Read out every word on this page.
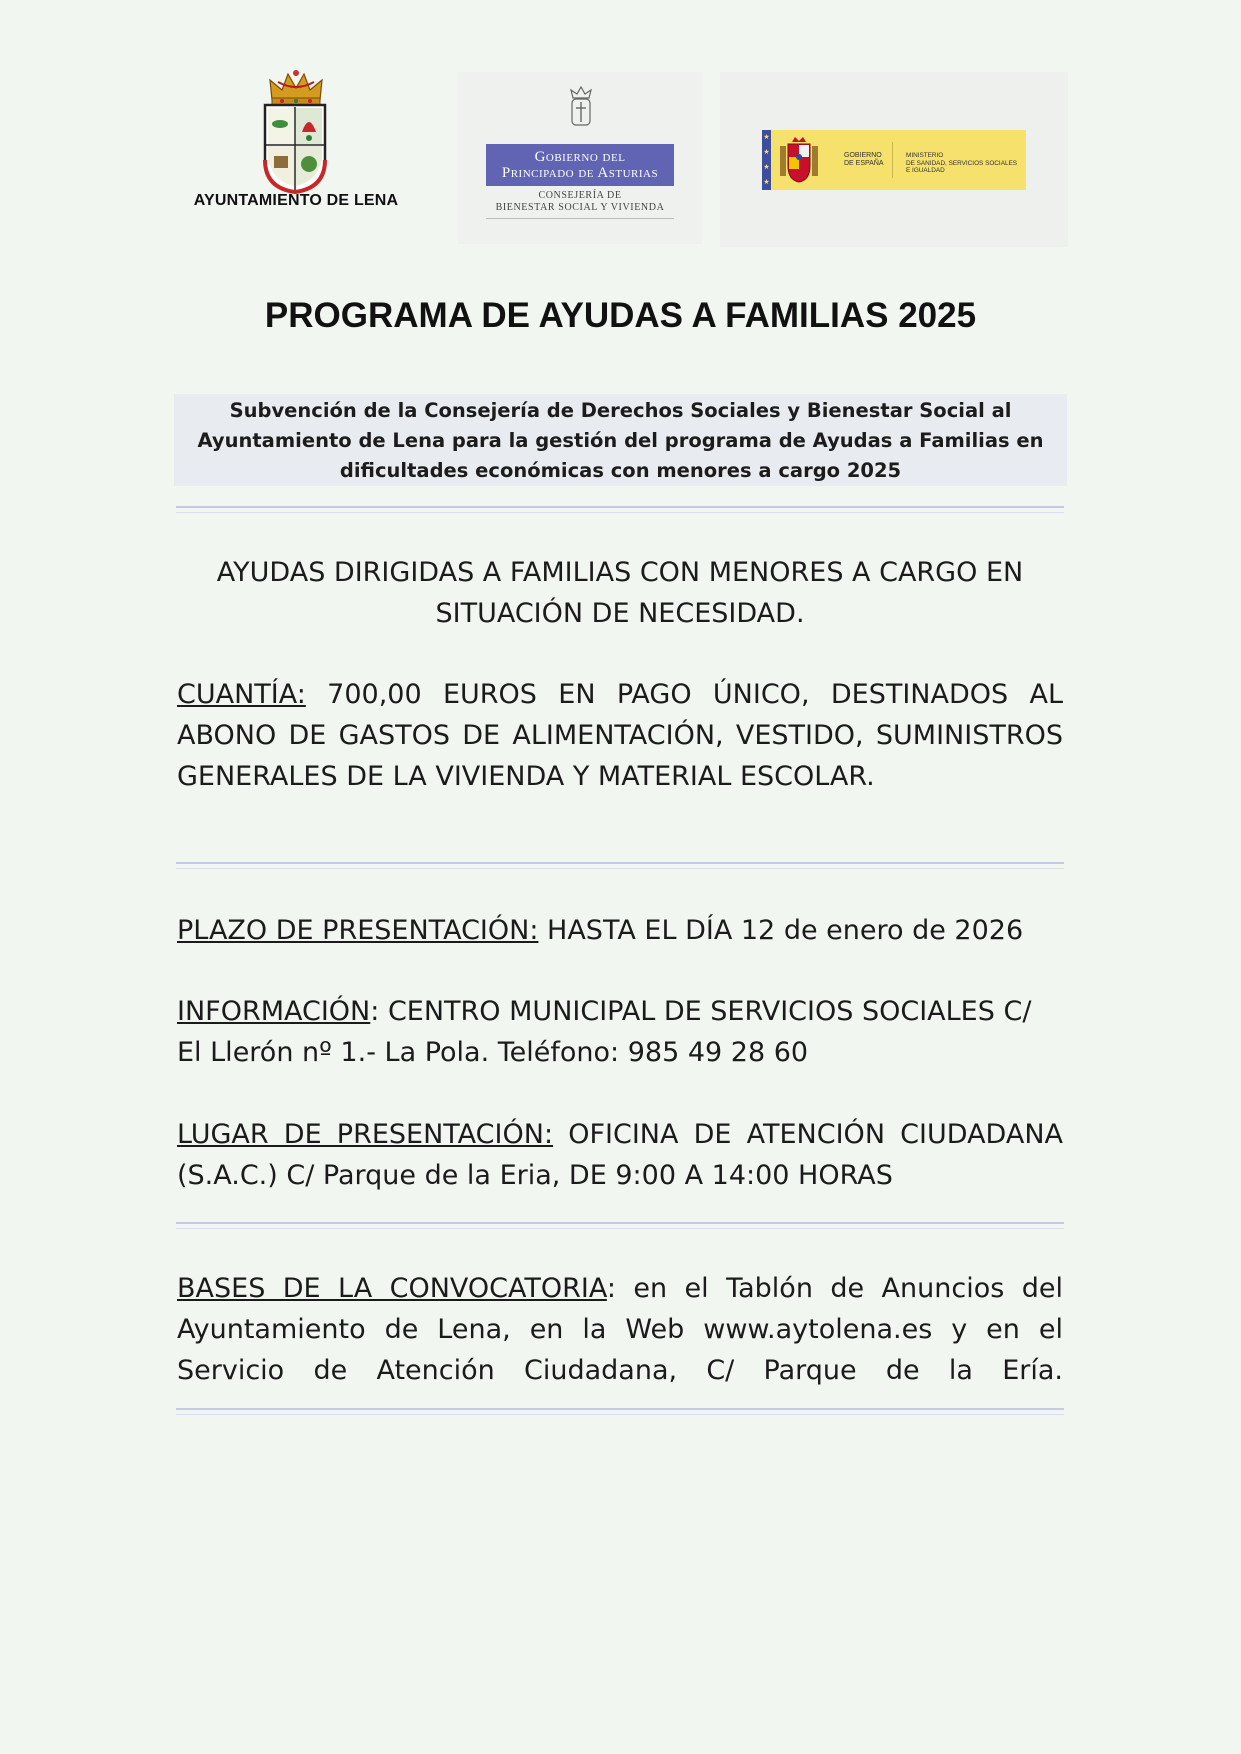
AYUNTAMIENTO DE LENA
Gobierno del
Principado de Asturias
CONSEJERÍA DE
BIENESTAR SOCIAL Y VIVIENDA
★
★
★
★
GOBIERNO
DE ESPAÑA
MINISTERIO
DE SANIDAD, SERVICIOS SOCIALES
E IGUALDAD
PROGRAMA DE AYUDAS A FAMILIAS 2025
Subvención de la Consejería de Derechos Sociales y Bienestar Social al
Ayuntamiento de Lena para la gestión del programa de Ayudas a Familias en
dificultades económicas con menores a cargo 2025
AYUDAS DIRIGIDAS A FAMILIAS CON MENORES A CARGO EN
SITUACIÓN DE NECESIDAD.
CUANTÍA: 700,00 EUROS EN PAGO ÚNICO, DESTINADOS AL ABONO DE GASTOS DE ALIMENTACIÓN, VESTIDO, SUMINISTROS GENERALES DE LA VIVIENDA Y MATERIAL ESCOLAR.
PLAZO DE PRESENTACIÓN: HASTA EL DÍA 12 de enero de 2026
INFORMACIÓN: CENTRO MUNICIPAL DE SERVICIOS SOCIALES C/ El Llerón nº 1.- La Pola. Teléfono: 985 49 28 60
LUGAR DE PRESENTACIÓN: OFICINA DE ATENCIÓN CIUDADANA (S.A.C.) C/ Parque de la Eria, DE 9:00 A 14:00 HORAS
BASES DE LA CONVOCATORIA: en el Tablón de Anuncios del Ayuntamiento de Lena, en la Web www.aytolena.es y en el Servicio de Atención Ciudadana, C/ Parque de la Ería.
